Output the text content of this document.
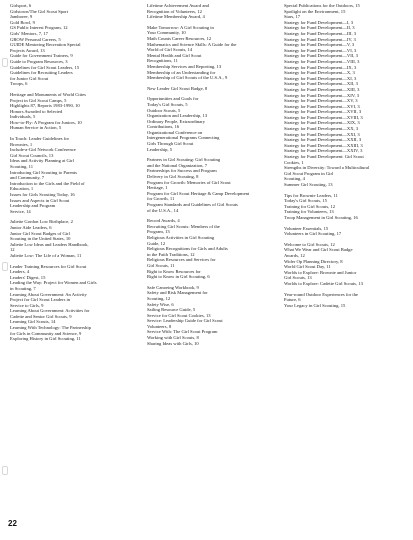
Girlsport, 6

Girlstown/The Girl Scout Sport

Jamboree, 9

Gold Bowl, 9

GS Public Interest Program, 12

Girls' Mentors, 7, 17

GROW Personal Careers, 5

GUIDE Mentoring Recreation Special

Projects Award, 13

Guide for Government Trainers, 9

Guide to Program Resources, 3

Guidelines for Girl Scout Leaders, 15

Guidelines for Recruiting Leaders

for Junior Girl Scout

Troops, 6

Heritage and Monuments of World Cities

Project in Girl Scout Camps, 5

Highlights 87, Reports 1983-1990, 10

Honors Awarded to Selected

Individuals, 5

How-to-Fly: A Program for Juniors, 10

Human Service in Action, 5

In Touch: Leader Guidelines for

Brownies, 1

Include-a-Girl Network Conference

Girl Scout Councils, 13

Ideas and Activity Planning at Girl

Scouting, 11

Introducing Girl Scouting to Parents

and Community, 7

Introduction to the Girls and the Field of

Education, 1

Issues for Girls Scouting Today, 16

Issues and Aspects in Girl Scout

Leadership and Program

Service, 14

Juliette Gordon Low Birthplace, 2

Junior Aide Leaders, 6

Junior Girl Scout Badges of Girl

Scouting in the United States, 10

Juliette Low Ideas and Leaders Handbook,

12

Juliette Low: The Life of a Woman, 11

Leader Training Resources for Girl Scout

Leaders, 4

Leaders' Digest, 15

Leading the Way: Project for Women and Girls

in Scouting, 7

Learning About Government: An Activity

Project for Girl Scout Leaders in

Service to Girls, 9

Learning About Government: Activities for

Cadette and Senior Girl Scouts, 9

Learning Girl Scouts, 14

Learning With Technology: The Partnership

for Girls in Community and Science, 9

Exploring History in Girl Scouting, 11

Lifetime Achievement Award and

Recognition of Volunteers, 12

Lifetime Membership Award, 4

Make Tomorrow: A Girl Scouting in

Your Community, 10

Math Counts Career Resources, 12

Mathematics and Science Skills: A Guide for the

World of Girl Scouts, 14

Mental Health and Girl Scout

Recognitions, 11

Membership Services and Reporting, 13

Membership of an Understanding for

Membership of Girl Scouts of the U.S.A., 9

New Leader Girl Scout Badge, 8

Opportunities and Goals for

Today's Girl Scouts, 5

Outdoor Scouts, 5

Organization and Leadership, 13

Ordinary People, Extraordinary

Contributions, 16

Organizational Conference on

Intergenerational Programs Connecting

Girls Through Girl Scout

Leadership, 5

Partners in Girl Scouting: Girl Scouting

and the National Organization, 7

Partnerships for Success and Program

Delivery in Girl Scouting, 8

Program for Growth: Memories of Girl Scout

Heritage, 1

Program for Girl Scout Heritage & Camp Development

for Growth, 11

Program Standards and Guidelines of Girl Scouts

of the U.S.A., 14

Record Awards, 4

Recruiting Girl Scouts: Members of the

Program, 13

Religious Activities in Girl Scouting

Guide, 12

Religious Recognitions for Girls and Adults

in the Faith Traditions, 12

Religious Resources and Services for

Girl Scouts, 11

Right to Know Resources for

Right to Know in Girl Scouting, 6

Safe Canoeing Workbook, 9

Safety and Risk Management for

Scouting, 12

Safety Wise, 6

Sailing Resource Guide, 5

Service for Girl Scout Cookies, 13

Service: Leadership Guide for Girl Scout

Volunteers, 8

Service With: The Girl Scout Program

Working with Girl Scouts, 8

Sharing Ideas with Girls, 10

Special Publications for the Outdoors, 15

Spotlight on the Environment, 15

Stars, 17

Strategy for Fund Development—I, 3

Strategy for Fund Development—II, 3

Strategy for Fund Development—III, 3

Strategy for Fund Development—IV, 3

Strategy for Fund Development—V, 3

Strategy for Fund Development—VI, 3

Strategy for Fund Development—VII, 3

Strategy for Fund Development—VIII, 3

Strategy for Fund Development—IX, 3

Strategy for Fund Development—X, 3

Strategy for Fund Development—XI, 3

Strategy for Fund Development—XII, 3

Strategy for Fund Development—XIII, 3

Strategy for Fund Development—XIV, 3

Strategy for Fund Development—XV, 3

Strategy for Fund Development—XVI, 3

Strategy for Fund Development—XVII, 3

Strategy for Fund Development—XVIII, 3

Strategy for Fund Development—XIX, 3

Strategy for Fund Development—XX, 3

Strategy for Fund Development—XXI, 3

Strategy for Fund Development—XXII, 3

Strategy for Fund Development—XXIII, 3

Strategy for Fund Development—XXIV, 3

Strategy for Fund Development: Girl Scout

Cookies, 1

Strengths in Diversity: Toward a Multicultural

Girl Scout Program in Girl

Scouting, 4

Summer Girl Scouting, 13

Tips for Brownie Leaders, 11

Today's Girl Scouts, 15

Training for Girl Scouts, 12

Training for Volunteers, 13

Troop Management in Girl Scouting, 16

Volunteer Essentials, 15

Volunteers in Girl Scouting, 17

Welcome to Girl Scouts, 12

What We Wear and Girl Scout Badge

Awards, 12

Wider Op Planning Directory, 8

World Girl Scout Day, 11

Worlds to Explore: Brownie and Junior

Girl Scouts, 13

Worlds to Explore: Cadette Girl Scouts, 13

Year-round Outdoor Experiences for the

Future, 6

Your Legacy in Girl Scouting, 15

22
